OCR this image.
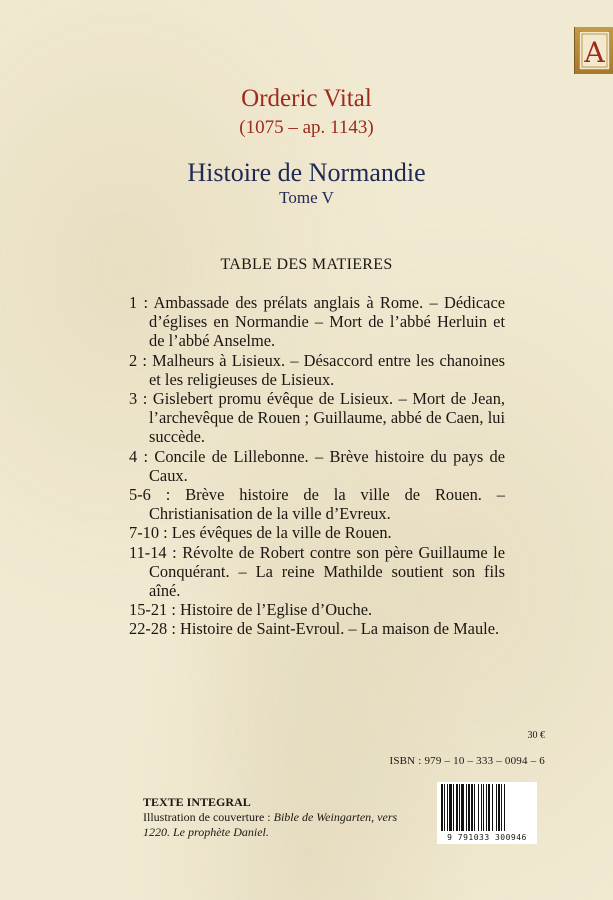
A
Orderic Vital
(1075 – ap. 1143)
Histoire de Normandie
Tome V
TABLE DES MATIERES
1 : Ambassade des prélats anglais à Rome. – Dédicace d’églises en Normandie – Mort de l’abbé Herluin et de l’abbé Anselme.
2 : Malheurs à Lisieux. – Désaccord entre les chanoines et les religieuses de Lisieux.
3 : Gislebert promu évêque de Lisieux. – Mort de Jean, l’archevêque de Rouen ; Guillaume, abbé de Caen, lui succède.
4 : Concile de Lillebonne. – Brève histoire du pays de Caux.
5-6 : Brève histoire de la ville de Rouen. – Christianisation de la ville d’Evreux.
7-10 : Les évêques de la ville de Rouen.
11-14 : Révolte de Robert contre son père Guillaume le Conquérant. – La reine Mathilde soutient son fils aîné.
15-21 : Histoire de l’Eglise d’Ouche.
22-28 : Histoire de Saint-Evroul. – La maison de Maule.
30 €
ISBN : 979 – 10 – 333 – 0094 – 6
9 791033 300946
TEXTE INTEGRAL
Illustration de couverture : Bible de Weingarten, vers 1220. Le prophète Daniel.
